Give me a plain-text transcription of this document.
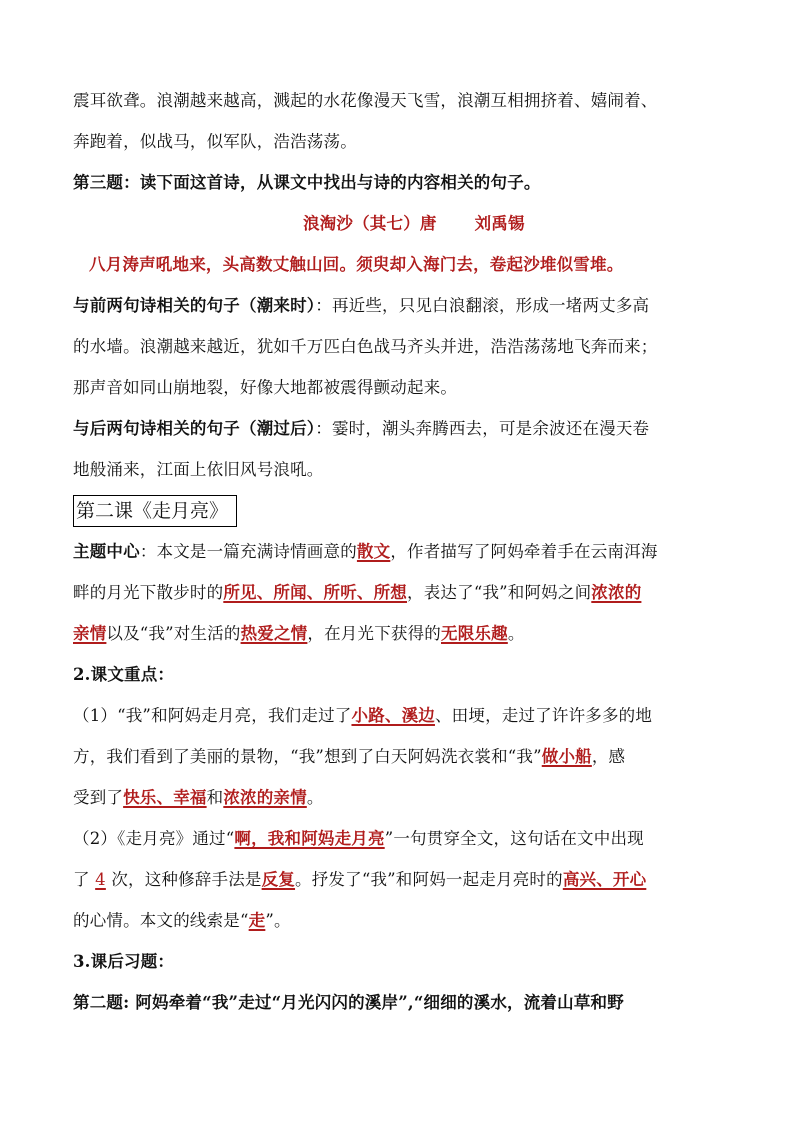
震耳欲聋。浪潮越来越高，溅起的水花像漫天飞雪，浪潮互相拥挤着、嬉闹着、
奔跑着，似战马，似军队，浩浩荡荡。
第三题：读下面这首诗，从课文中找出与诗的内容相关的句子。
浪淘沙（其七）唐 刘禹锡
八月涛声吼地来，头高数丈触山回。须臾却入海门去，卷起沙堆似雪堆。
与前两句诗相关的句子（潮来时）：再近些，只见白浪翻滚，形成一堵两丈多高
的水墙。浪潮越来越近，犹如千万匹白色战马齐头并进，浩浩荡荡地飞奔而来；
那声音如同山崩地裂，好像大地都被震得颤动起来。
与后两句诗相关的句子（潮过后）：霎时，潮头奔腾西去，可是余波还在漫天卷
地般涌来，江面上依旧风号浪吼。
第二课《走月亮》
主题中心：本文是一篇充满诗情画意的散文，作者描写了阿妈牵着手在云南洱海
畔的月光下散步时的所见、所闻、所听、所想，表达了“我”和阿妈之间浓浓的
亲情以及“我”对生活的热爱之情，在月光下获得的无限乐趣。
2.课文重点：
（1）“我”和阿妈走月亮，我们走过了小路、溪边、田埂，走过了许许多多的地
方，我们看到了美丽的景物，“我”想到了白天阿妈洗衣裳和“我”做小船，感
受到了快乐、幸福和浓浓的亲情。
（2）《走月亮》通过“啊，我和阿妈走月亮”一句贯穿全文，这句话在文中出现
了 4 次，这种修辞手法是反复。抒发了“我”和阿妈一起走月亮时的高兴、开心
的心情。本文的线索是“走”。
3.课后习题：
第二题: 阿妈牵着“我”走过“月光闪闪的溪岸”,“细细的溪水，流着山草和野
